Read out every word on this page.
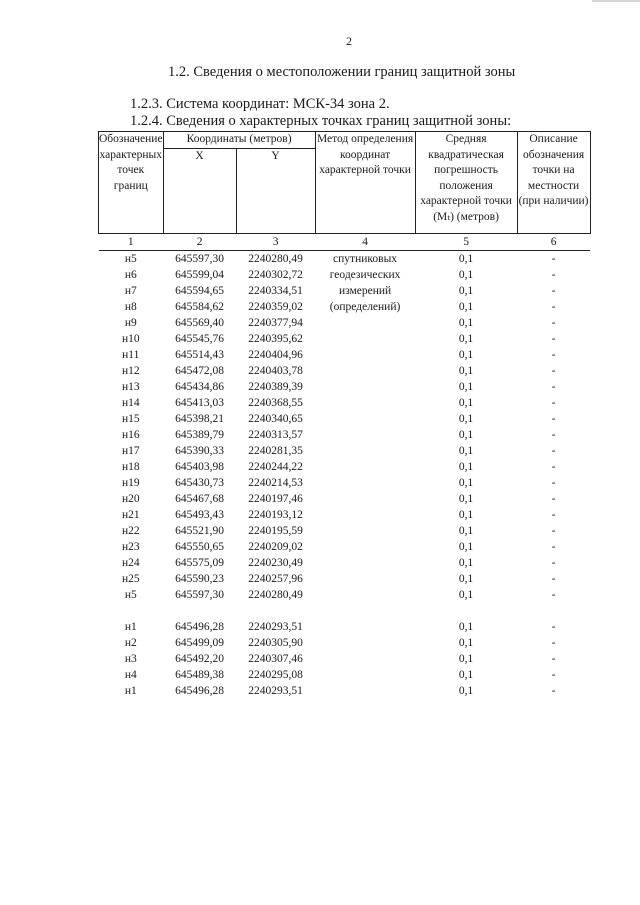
2
1.2. Сведения о местоположении границ защитной зоны
1.2.3. Система координат: МСК-34 зона 2.
1.2.4. Сведения о характерных точках границ защитной зоны:
Обозначение характерных точек границ	Координаты (метров)		Метод определения координат характерной точки	Средняя квадратическая погрешность положения характерной точки (Мₜ) (метров)	Описание обозначения точки на местности (при наличии)
	X	Y			
1	2	3	4	5	6
н5	645597,30	2240280,49	спутниковых геодезических измерений (определений)	0,1	-
н6	645599,04	2240302,72		0,1	-
н7	645594,65	2240334,51		0,1	-
н8	645584,62	2240359,02		0,1	-
н9	645569,40	2240377,94		0,1	-
н10	645545,76	2240395,62		0,1	-
н11	645514,43	2240404,96		0,1	-
н12	645472,08	2240403,78		0,1	-
н13	645434,86	2240389,39		0,1	-
н14	645413,03	2240368,55		0,1	-
н15	645398,21	2240340,65		0,1	-
н16	645389,79	2240313,57		0,1	-
н17	645390,33	2240281,35		0,1	-
н18	645403,98	2240244,22		0,1	-
н19	645430,73	2240214,53		0,1	-
н20	645467,68	2240197,46		0,1	-
н21	645493,43	2240193,12		0,1	-
н22	645521,90	2240195,59		0,1	-
н23	645550,65	2240209,02		0,1	-
н24	645575,09	2240230,49		0,1	-
н25	645590,23	2240257,96		0,1	-
н5	645597,30	2240280,49		0,1	-

н1	645496,28	2240293,51		0,1	-
н2	645499,09	2240305,90		0,1	-
н3	645492,20	2240307,46		0,1	-
н4	645489,38	2240295,08		0,1	-
н1	645496,28	2240293,51		0,1	-
